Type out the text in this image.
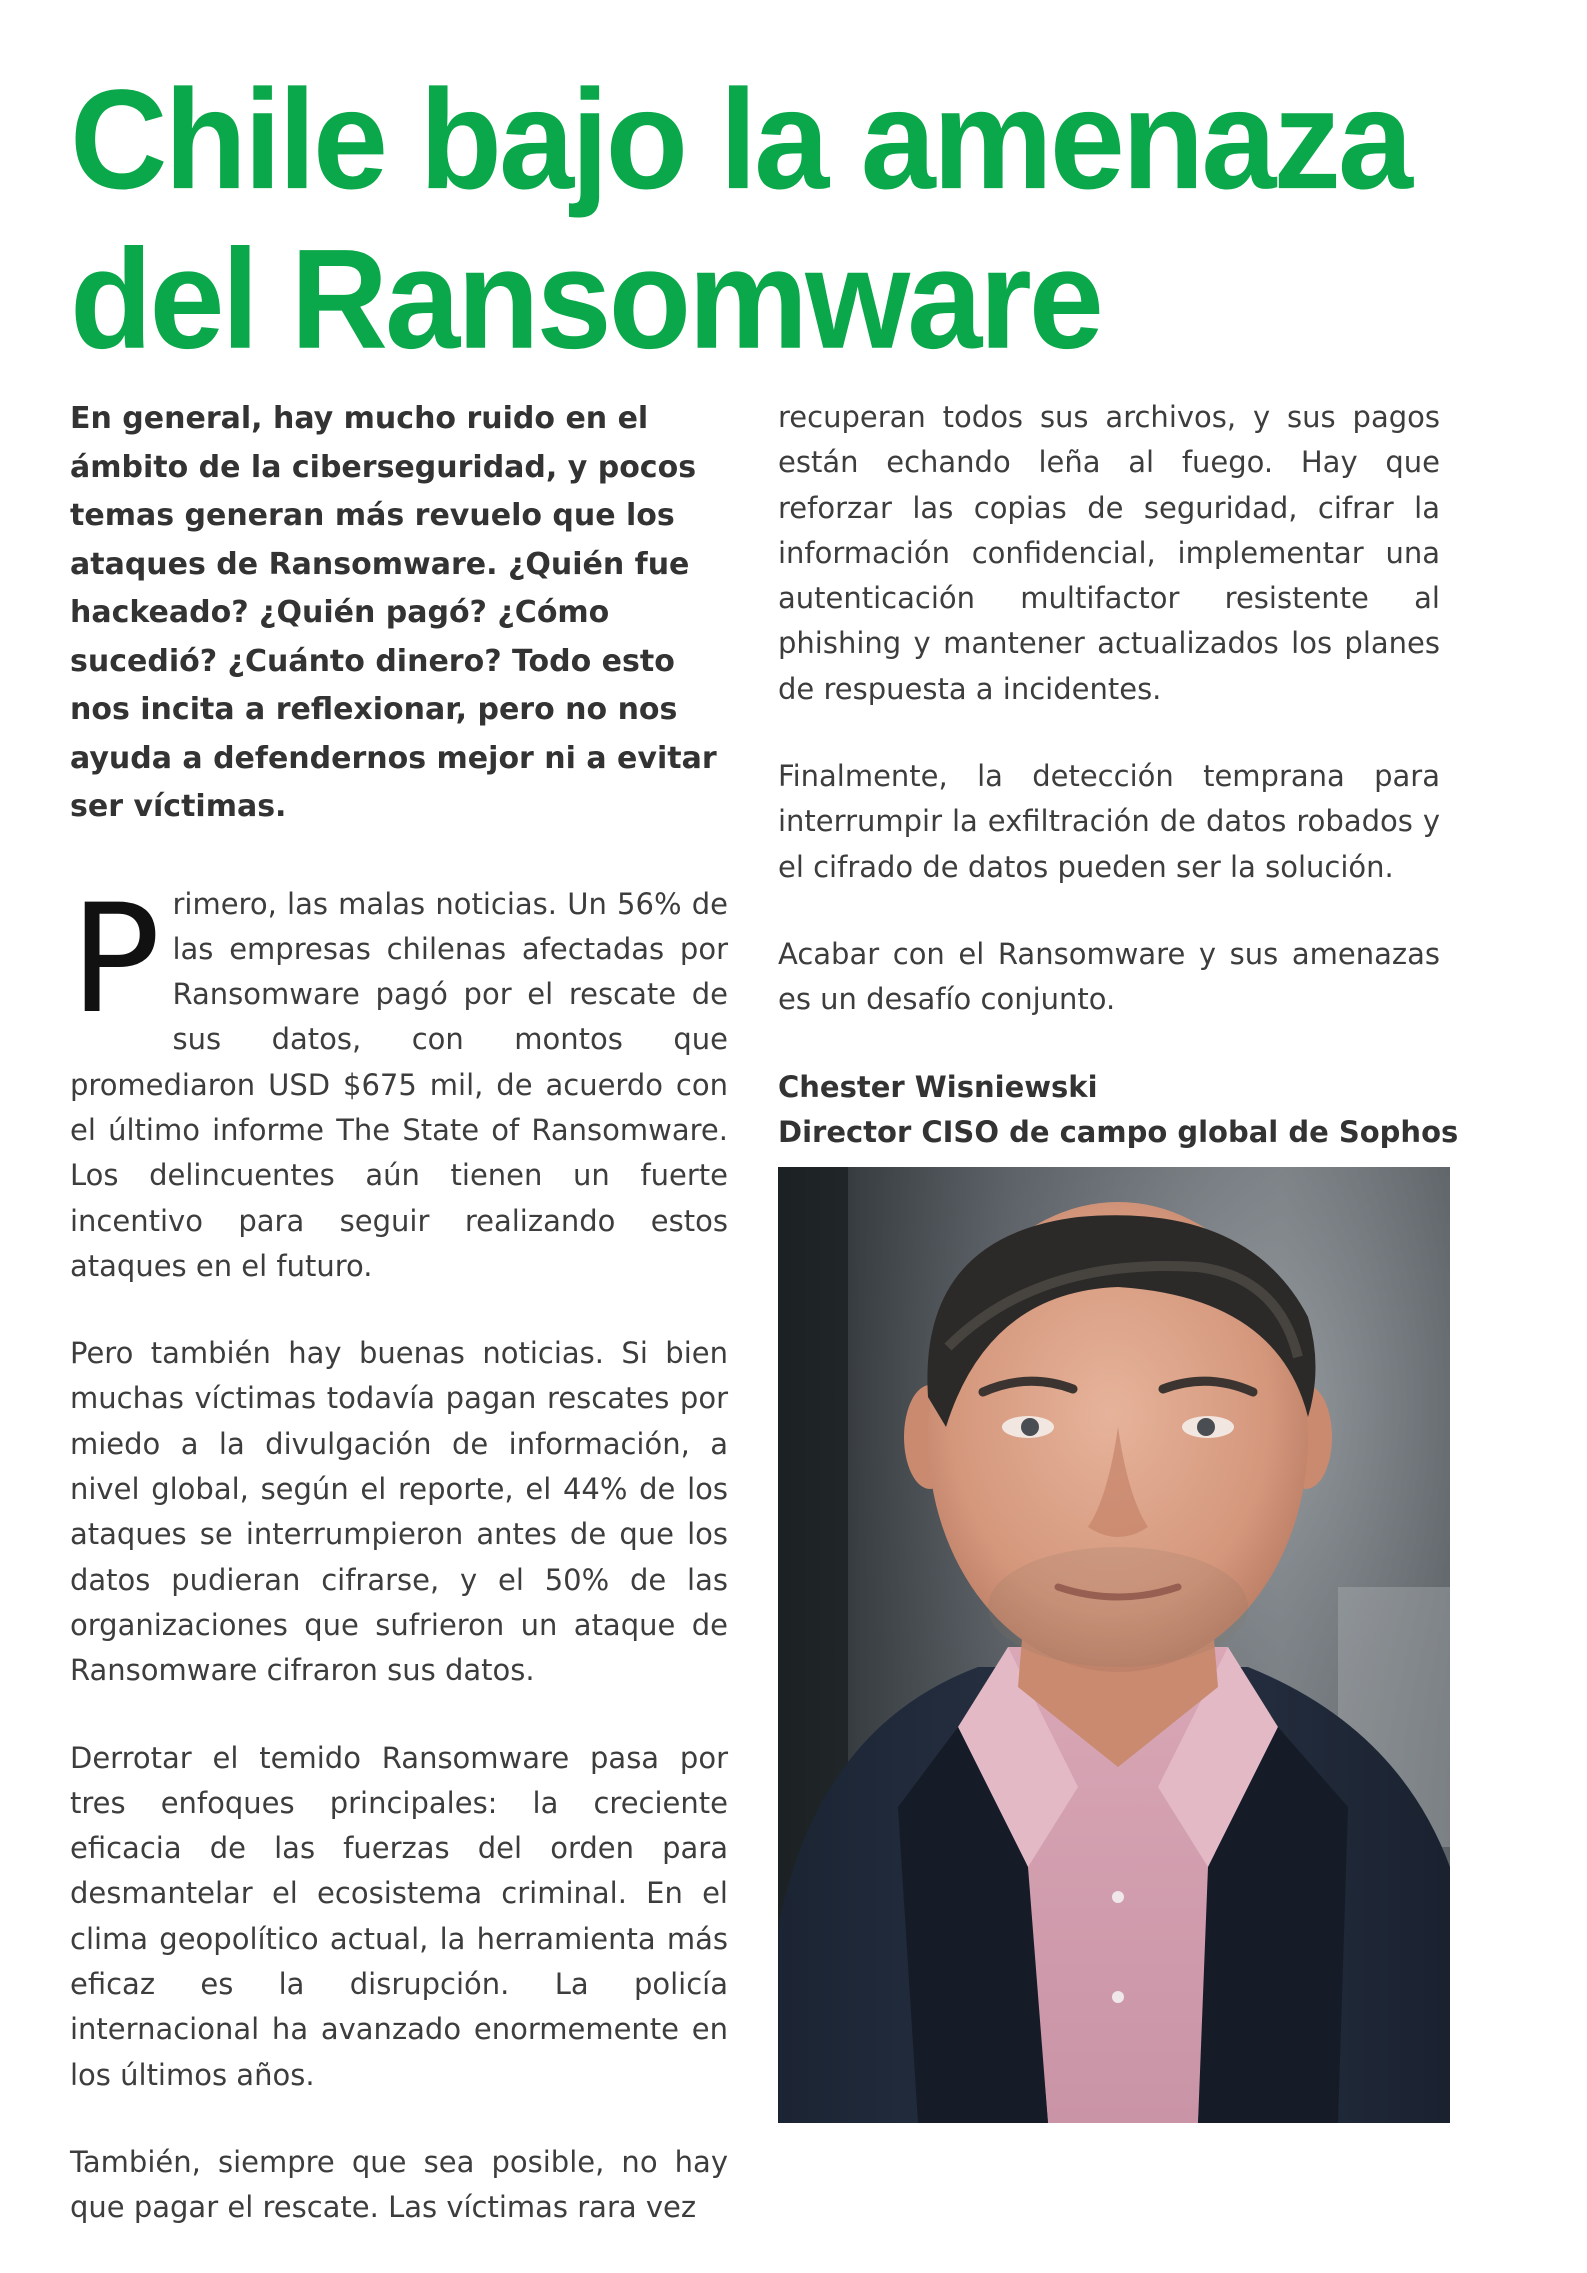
Chile bajo la amenaza
del Ransomware

En general, hay mucho ruido en el ámbito de la ciberseguridad, y pocos temas generan más revuelo que los ataques de Ransomware. ¿Quién fue hackeado? ¿Quién pagó? ¿Cómo sucedió? ¿Cuánto dinero? Todo esto nos incita a reflexionar, pero no nos ayuda a defendernos mejor ni a evitar ser víctimas.

Primero, las malas noticias. Un 56% de las empresas chilenas afectadas por Ransomware pagó por el rescate de sus datos, con montos que promediaron USD $675 mil, de acuerdo con el último informe The State of Ransomware. Los delincuentes aún tienen un fuerte incentivo para seguir realizando estos ataques en el futuro.

Pero también hay buenas noticias. Si bien muchas víctimas todavía pagan rescates por miedo a la divulgación de información, a nivel global, según el reporte, el 44% de los ataques se interrumpieron antes de que los datos pudieran cifrarse, y el 50% de las organizaciones que sufrieron un ataque de Ransomware cifraron sus datos.

Derrotar el temido Ransomware pasa por tres enfoques principales: la creciente eficacia de las fuerzas del orden para desmantelar el ecosistema criminal. En el clima geopolítico actual, la herramienta más eficaz es la disrupción. La policía internacional ha avanzado enormemente en los últimos años.

También, siempre que sea posible, no hay que pagar el rescate. Las víctimas rara vez

recuperan todos sus archivos, y sus pagos están echando leña al fuego. Hay que reforzar las copias de seguridad, cifrar la información confidencial, implementar una autenticación multifactor resistente al phishing y mantener actualizados los planes de respuesta a incidentes.

Finalmente, la detección temprana para interrumpir la exfiltración de datos robados y el cifrado de datos pueden ser la solución.

Acabar con el Ransomware y sus amenazas es un desafío conjunto.

Chester Wisniewski
Director CISO de campo global de Sophos
